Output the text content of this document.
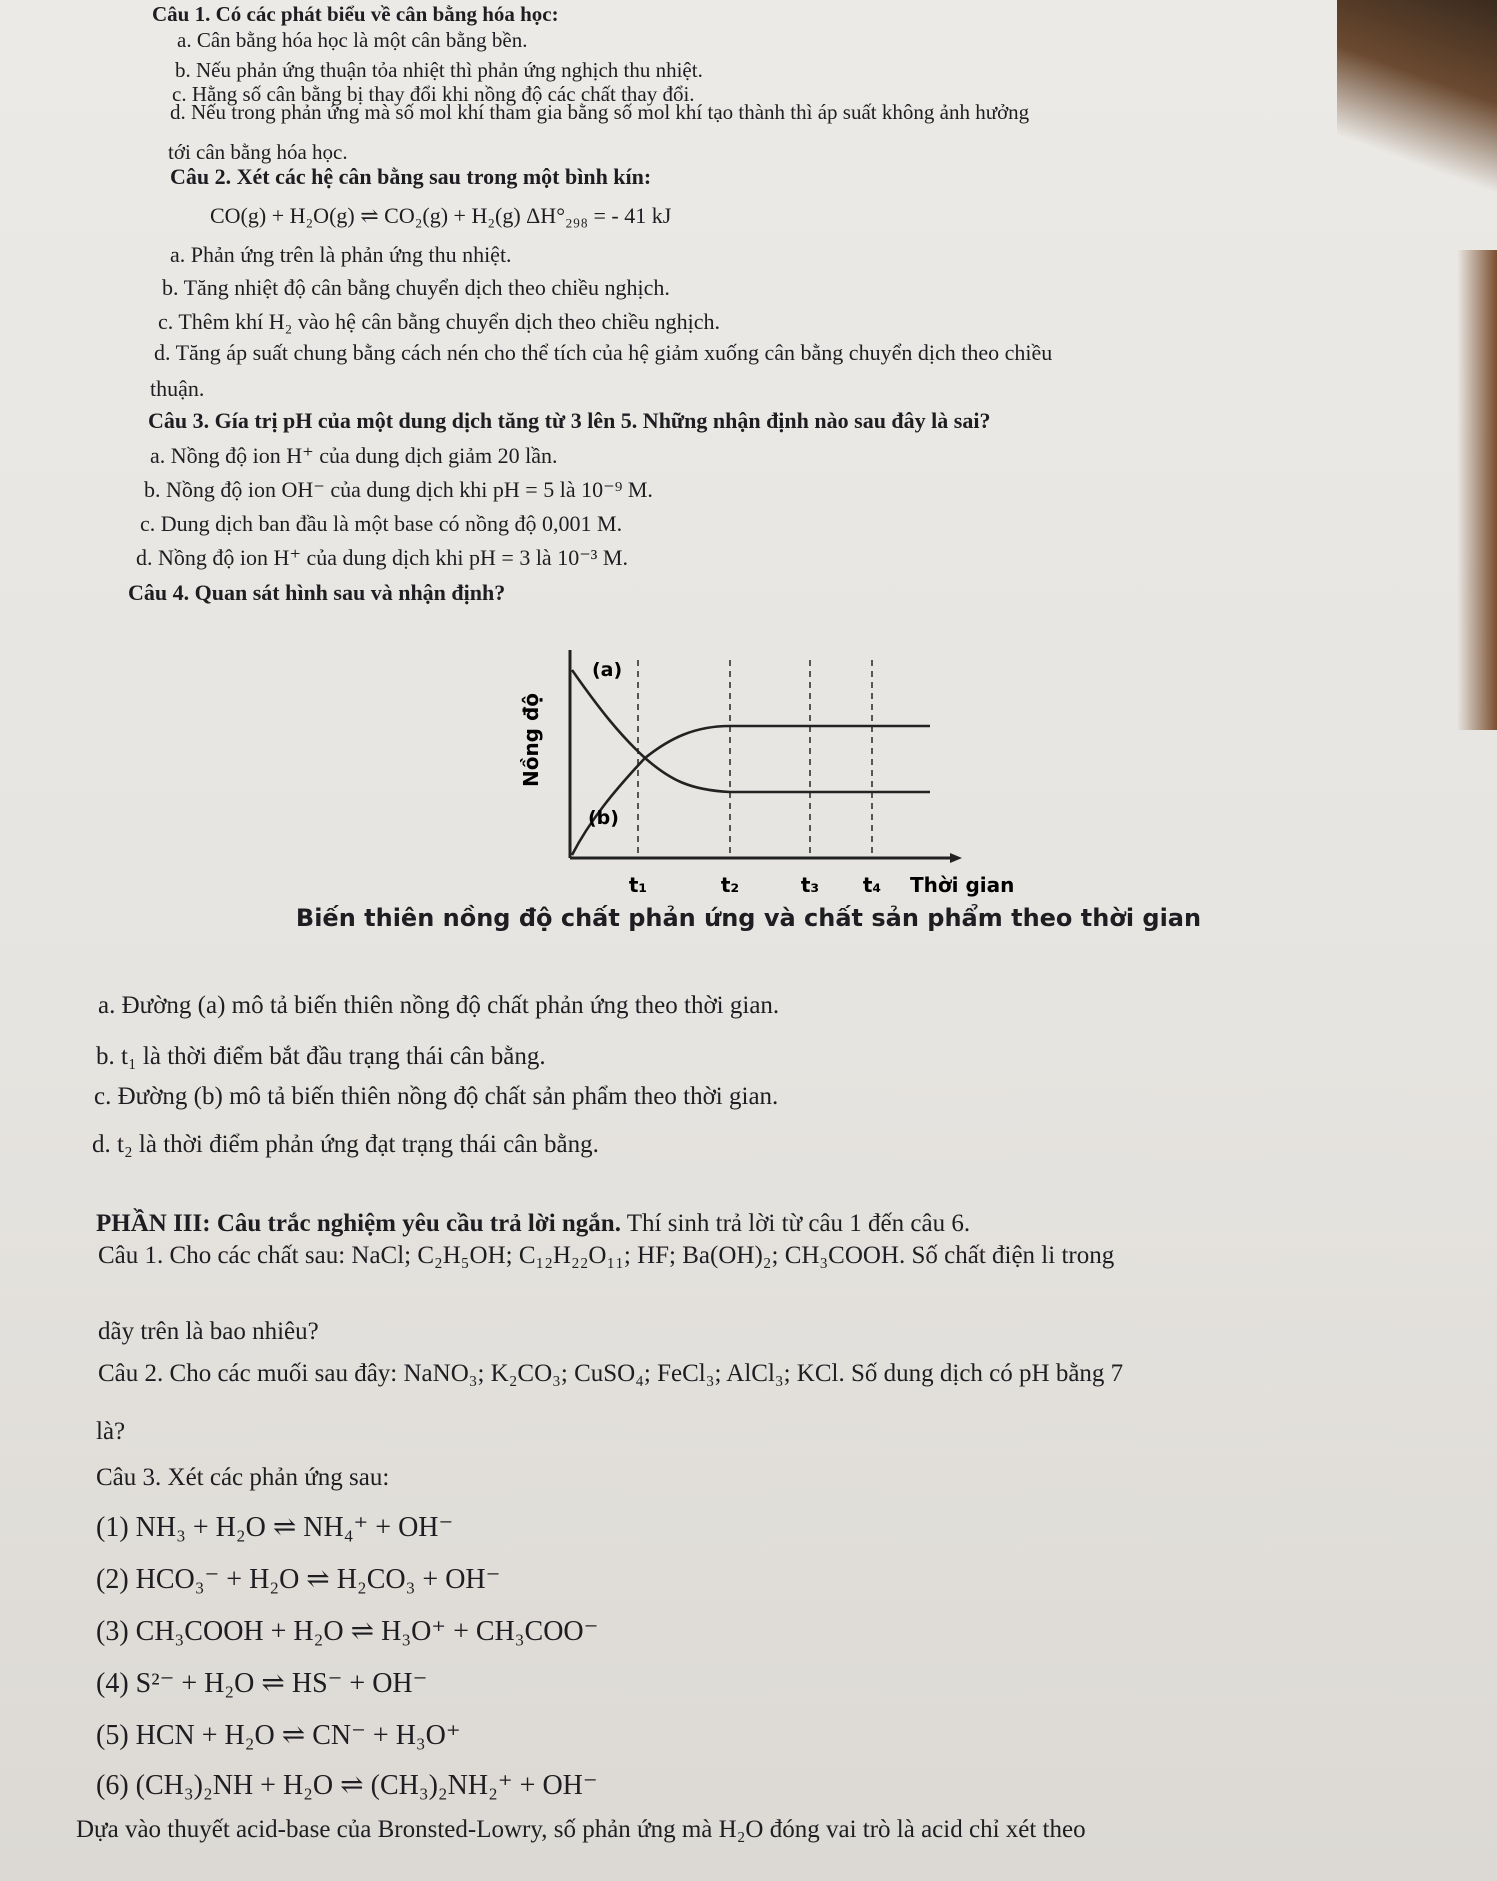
Câu 1. Có các phát biểu về cân bằng hóa học:
a. Cân bằng hóa học là một cân bằng bền.
b. Nếu phản ứng thuận tỏa nhiệt thì phản ứng nghịch thu nhiệt.
c. Hằng số cân bằng bị thay đổi khi nồng độ các chất thay đổi.
d. Nếu trong phản ứng mà số mol khí tham gia bằng số mol khí tạo thành thì áp suất không ảnh hưởng
tới cân bằng hóa học.
Câu 2. Xét các hệ cân bằng sau trong một bình kín:
CO(g) + H₂O(g) ⇌ CO₂(g) + H₂(g) ΔH°₂₉₈ = - 41 kJ
a. Phản ứng trên là phản ứng thu nhiệt.
b. Tăng nhiệt độ cân bằng chuyển dịch theo chiều nghịch.
c. Thêm khí H₂ vào hệ cân bằng chuyển dịch theo chiều nghịch.
d. Tăng áp suất chung bằng cách nén cho thể tích của hệ giảm xuống cân bằng chuyển dịch theo chiều
thuận.
Câu 3. Gía trị pH của một dung dịch tăng từ 3 lên 5. Những nhận định nào sau đây là sai?
a. Nồng độ ion H⁺ của dung dịch giảm 20 lần.
b. Nồng độ ion OH⁻ của dung dịch khi pH = 5 là 10⁻⁹ M.
c. Dung dịch ban đầu là một base có nồng độ 0,001 M.
d. Nồng độ ion H⁺ của dung dịch khi pH = 3 là 10⁻³ M.
Câu 4. Quan sát hình sau và nhận định?
Nồng độ
(a)
(b)
t₁	t₂	t₃ t₄ Thời gian
Biến thiên nồng độ chất phản ứng và chất sản phẩm theo thời gian
a. Đường (a) mô tả biến thiên nồng độ chất phản ứng theo thời gian.
b. t₁ là thời điểm bắt đầu trạng thái cân bằng.
c. Đường (b) mô tả biến thiên nồng độ chất sản phẩm theo thời gian.
d. t₂ là thời điểm phản ứng đạt trạng thái cân bằng.
PHẦN III: Câu trắc nghiệm yêu cầu trả lời ngắn. Thí sinh trả lời từ câu 1 đến câu 6.
Câu 1. Cho các chất sau: NaCl; C₂H₅OH; C₁₂H₂₂O₁₁; HF; Ba(OH)₂; CH₃COOH. Số chất điện li trong
dãy trên là bao nhiêu?
Câu 2. Cho các muối sau đây: NaNO₃; K₂CO₃; CuSO₄; FeCl₃; AlCl₃; KCl. Số dung dịch có pH bằng 7
là?
Câu 3. Xét các phản ứng sau:
(1) NH₃ + H₂O ⇌ NH₄⁺ + OH⁻
(2) HCO₃⁻ + H₂O ⇌ H₂CO₃ + OH⁻
(3) CH₃COOH + H₂O ⇌ H₃O⁺ + CH₃COO⁻
(4) S²⁻ + H₂O ⇌ HS⁻ + OH⁻
(5) HCN + H₂O ⇌ CN⁻ + H₃O⁺
(6) (CH₃)₂NH + H₂O ⇌ (CH₃)₂NH₂⁺ + OH⁻
Dựa vào thuyết acid-base của Bronsted-Lowry, số phản ứng mà H₂O đóng vai trò là acid chỉ xét theo
